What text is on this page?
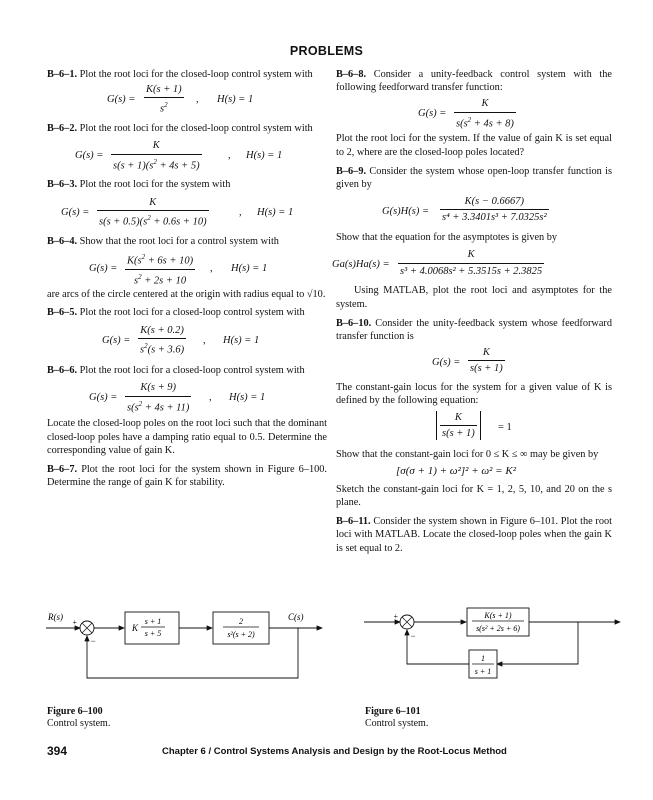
PROBLEMS
B–6–1. Plot the root loci for the closed-loop control system with
$G(s) = \frac{K(s + 1)}{s^2}$ , H(s) = 1
B–6–2. Plot the root loci for the closed-loop control system with
$G(s) = \frac{K}{s(s + 1)(s^2 + 4s + 5)}$	, H(s) = 1
B–6–3. Plot the root loci for the system with
$G(s) = \frac{K}{s(s + 0.5)(s^2 + 0.6s + 10)}$	, H(s) = 1
B–6–4. Show that the root loci for a control system with
$G(s) = \frac{K(s^2 + 6s + 10)}{s^2 + 2s + 10}$ , H(s) = 1
are arcs of the circle centered at the origin with radius equal to √10.
B–6–5. Plot the root loci for a closed-loop control system with
$G(s) = \frac{K(s + 0.2)}{s^2(s + 3.6)}$ , H(s) = 1
B–6–6. Plot the root loci for a closed-loop control system with
$G(s) = \frac{K(s + 9)}{s(s^2 + 4s + 11)}$ , H(s) = 1
Locate the closed-loop poles on the root loci such that the dominant closed-loop poles have a damping ratio equal to 0.5. Determine the corresponding value of gain K.
B–6–7. Plot the root loci for the system shown in Figure 6–100. Determine the range of gain K for stability.
B–6–8. Consider a unity-feedback control system with the following feedforward transfer function:
$G(s) = \frac{K}{s(s^2 + 4s + 8)}$
Plot the root loci for the system. If the value of gain K is set equal to 2, where are the closed-loop poles located?
B–6–9. Consider the system whose open-loop transfer function is given by
$G(s)H(s) = \frac{K(s - 0.6667)}{\text{s⁴ + 3.3401s³ + 7.0325s²}}$
Show that the equation for the asymptotes is given by
$Ga(s)Ha(s) = \frac{K}{\text{s³ + 4.0068s² + 5.3515s + 2.3825}}$
Using MATLAB, plot the root loci and asymptotes for the system.
B–6–10. Consider the unity-feedback system whose feedforward transfer function is
$G(s) = \frac{K}{s(s + 1)}$
The constant-gain locus for the system for a given value of K is defined by the following equation:
$\frac{K}{s(s + 1)} = 1$
Show that the constant-gain loci for 0 ≤ K ≤ ∞ may be given by
[σ(σ + 1) + ω²]² + ω² = K²
Sketch the constant-gain loci for K = 1, 2, 5, 10, and 20 on the s plane.
B–6–11. Consider the system shown in Figure 6–101. Plot the root loci with MATLAB. Locate the closed-loop poles when the gain K is set equal to 2.
R(s)	C(s)
+
−
K
s + 1
s + 5
2
s²(s + 2)
Figure 6–100
Control system.
+
−
K(s + 1)
s(s² + 2s + 6)
1
s + 1
Figure 6–101
Control system.
394	Chapter 6 / Control Systems Analysis and Design by the Root-Locus Method
